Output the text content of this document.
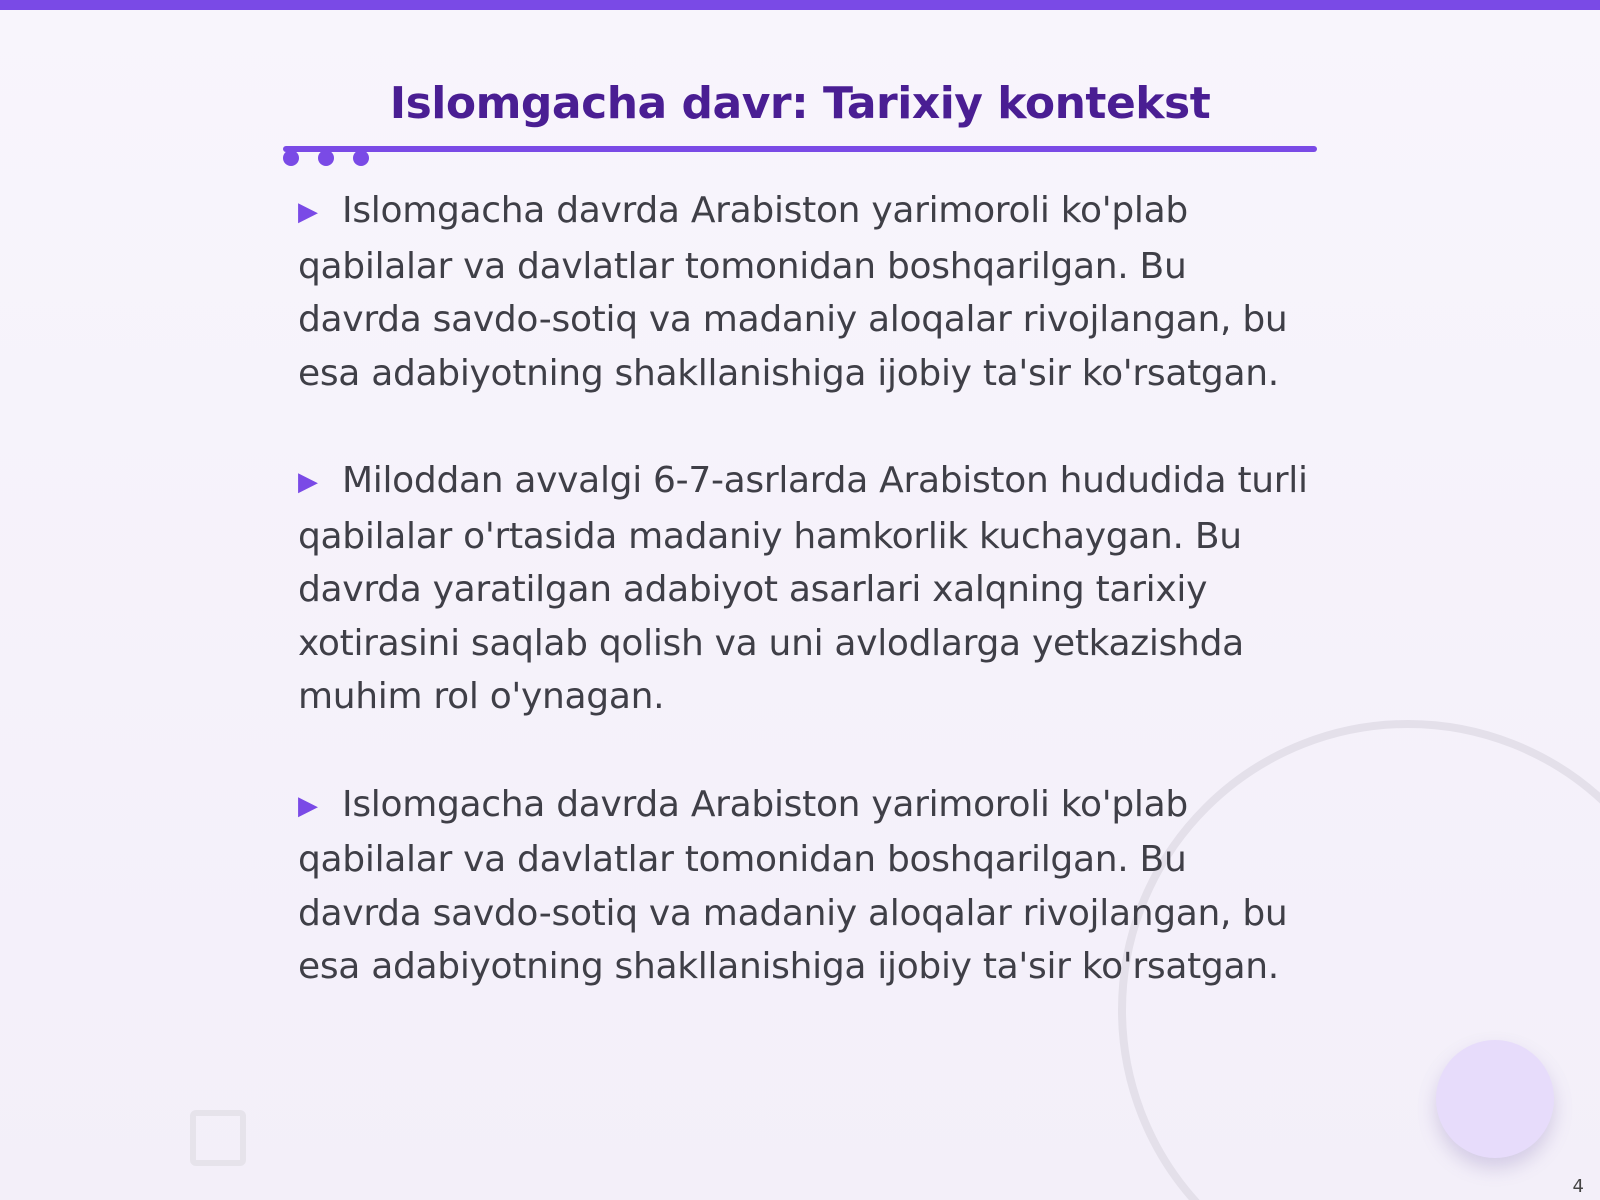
Islomgacha davr: Tarixiy kontekst

▶ Islomgacha davrda Arabiston yarimoroli ko'plab qabilalar va davlatlar tomonidan boshqarilgan. Bu davrda savdo-sotiq va madaniy aloqalar rivojlangan, bu esa adabiyotning shakllanishiga ijobiy ta'sir ko'rsatgan.

▶ Miloddan avvalgi 6-7-asrlarda Arabiston hududida turli qabilalar o'rtasida madaniy hamkorlik kuchaygan. Bu davrda yaratilgan adabiyot asarlari xalqning tarixiy xotirasini saqlab qolish va uni avlodlarga yetkazishda muhim rol o'ynagan.

▶ Islomgacha davrda Arabiston yarimoroli ko'plab qabilalar va davlatlar tomonidan boshqarilgan. Bu davrda savdo-sotiq va madaniy aloqalar rivojlangan, bu esa adabiyotning shakllanishiga ijobiy ta'sir ko'rsatgan.

4
